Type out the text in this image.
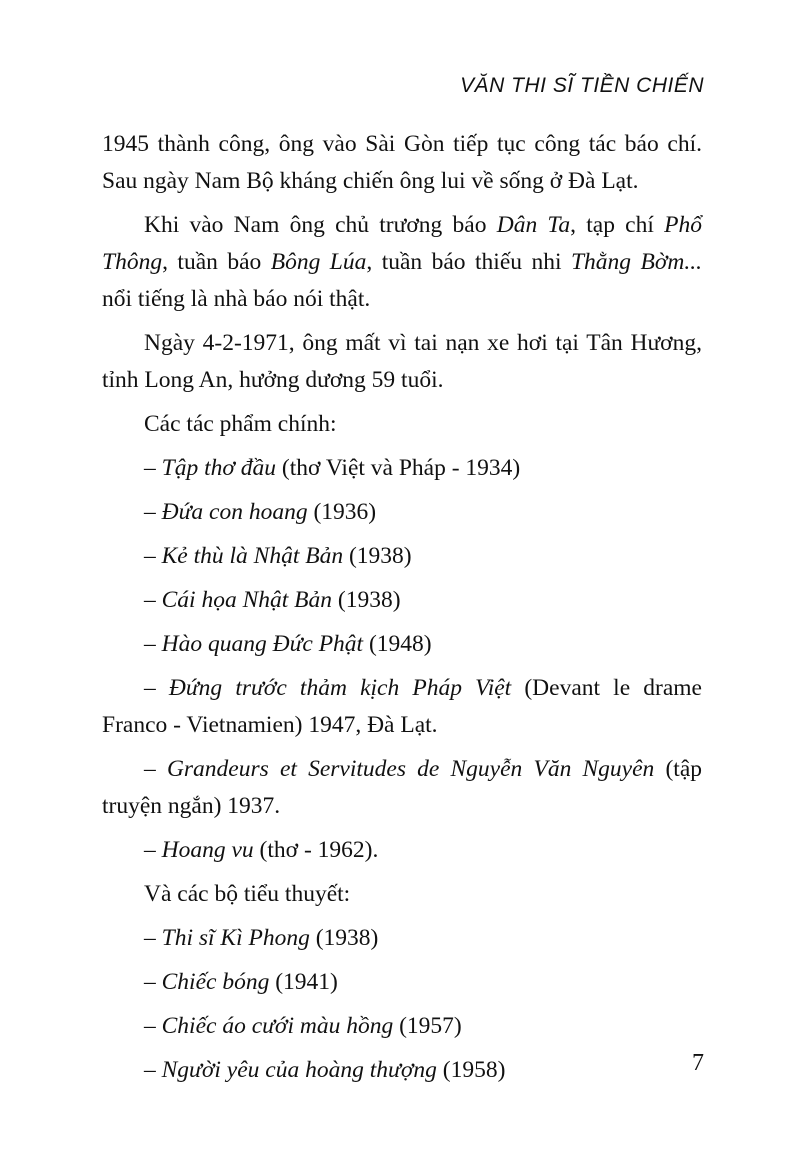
VĂN THI SĨ TIỀN CHIẾN

1945 thành công, ông vào Sài Gòn tiếp tục công tác báo chí. Sau ngày Nam Bộ kháng chiến ông lui về sống ở Đà Lạt.

Khi vào Nam ông chủ trương báo Dân Ta, tạp chí Phổ Thông, tuần báo Bông Lúa, tuần báo thiếu nhi Thằng Bờm... nổi tiếng là nhà báo nói thật.

Ngày 4-2-1971, ông mất vì tai nạn xe hơi tại Tân Hương, tỉnh Long An, hưởng dương 59 tuổi.

Các tác phẩm chính:

– Tập thơ đầu (thơ Việt và Pháp - 1934)

– Đứa con hoang (1936)

– Kẻ thù là Nhật Bản (1938)

– Cái họa Nhật Bản (1938)

– Hào quang Đức Phật (1948)

– Đứng trước thảm kịch Pháp Việt (Devant le drame Franco - Vietnamien) 1947, Đà Lạt.

– Grandeurs et Servitudes de Nguyễn Văn Nguyên (tập truyện ngắn) 1937.

– Hoang vu (thơ - 1962).

Và các bộ tiểu thuyết:

– Thi sĩ Kì Phong (1938)

– Chiếc bóng (1941)

– Chiếc áo cưới màu hồng (1957)

– Người yêu của hoàng thượng (1958)	7
